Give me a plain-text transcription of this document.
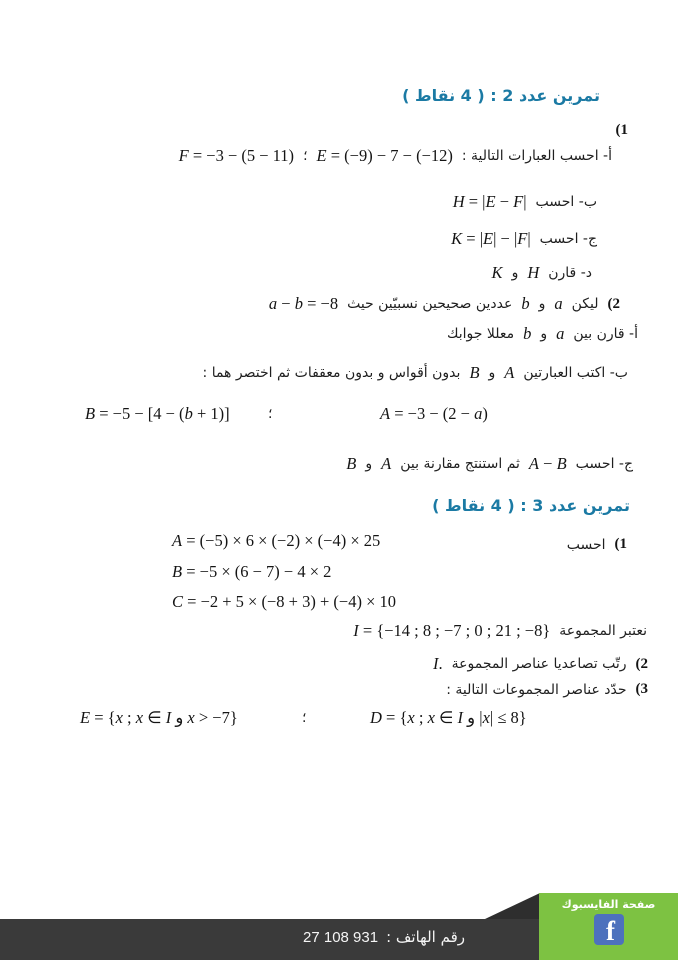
تمرين عدد 2 : ( 4 نقاط )
(1
أ- احسب العبارات التالية :
E = (−9) − 7 − (−12)
؛
F = −3 − (5 − 11)
ب- احسب
H = |E − F|
ج- احسب
K = |E| − |F|
د- قارن
H
و
K
(2
ليكن
a
و
b
عددين صحيحين نسبيّين حيث
a − b = −8
أ- قارن بين
a
و
b
معللا جوابك
ب- اكتب العبارتين
A
و
B
بدون أقواس و بدون معقفات ثم اختصر هما :
B = −5 − [4 − (b + 1)]	؛	A = −3 − (2 − a)
ج- احسب
A − B
ثم استنتج مقارنة بين
A
و
B
تمرين عدد 3 : ( 4 نقاط )
(1
احسب
A = (−5) × 6 × (−2) × (−4) × 25
B = −5 × (6 − 7) − 4 × 2
C = −2 + 5 × (−8 + 3) + (−4) × 10
نعتبر المجموعة
I = {−14 ; 8 ; −7 ; 0 ; 21 ; −8}
(2
رتّب تصاعديا عناصر المجموعة
I.
(3
حدّد عناصر المجموعات التالية :
E = {x ; x ∈ I و x > −7}	؛	D = {x ; x ∈ I و |x| ≤ 8}
رقم الهاتف :
27 108 931
صفحة الفايسبوك
f
